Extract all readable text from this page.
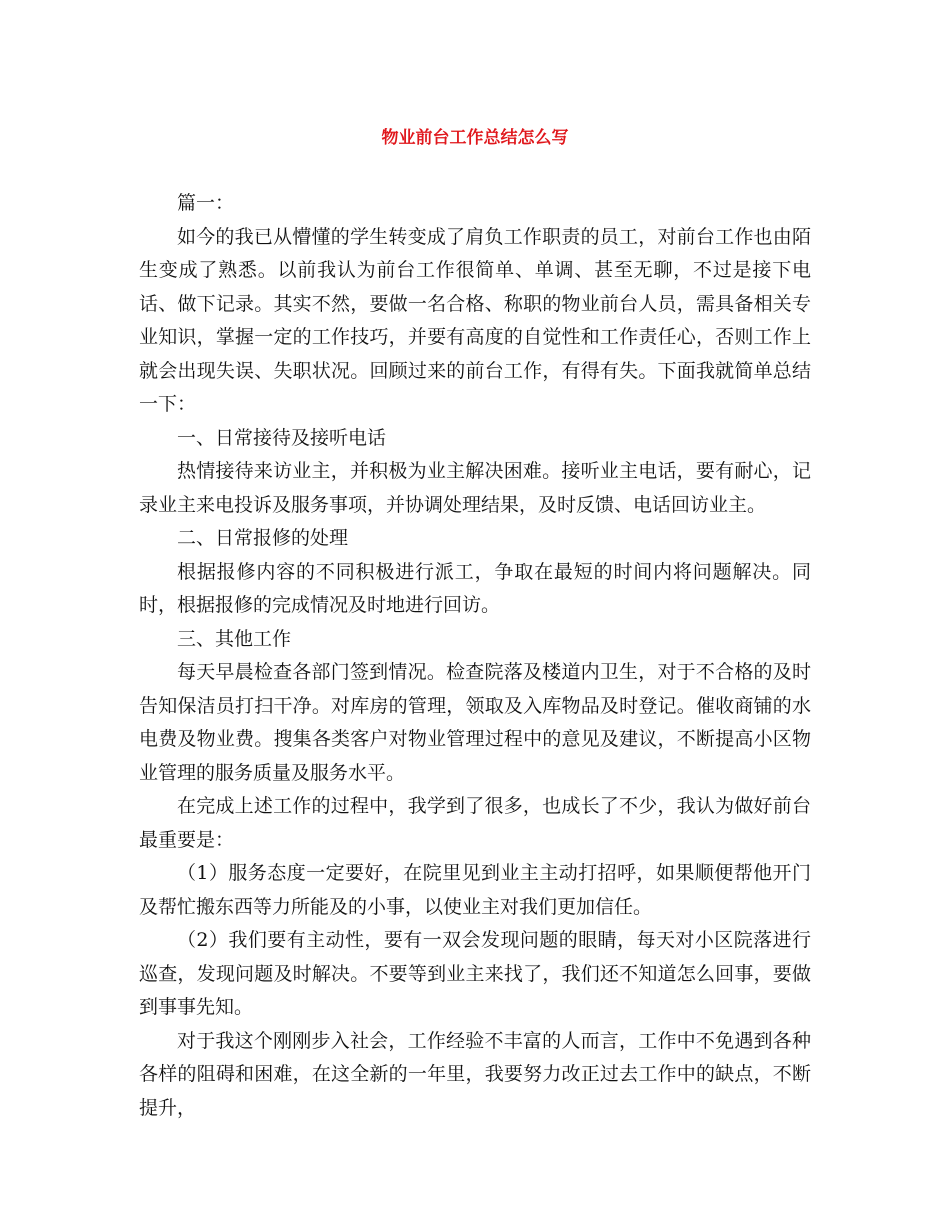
物业前台工作总结怎么写

篇一：

如今的我已从懵懂的学生转变成了肩负工作职责的员工，对前台工作也由陌生变成了熟悉。以前我认为前台工作很简单、单调、甚至无聊，不过是接下电话、做下记录。其实不然，要做一名合格、称职的物业前台人员，需具备相关专业知识，掌握一定的工作技巧，并要有高度的自觉性和工作责任心，否则工作上就会出现失误、失职状况。回顾过来的前台工作，有得有失。下面我就简单总结一下：

一、日常接待及接听电话

热情接待来访业主，并积极为业主解决困难。接听业主电话，要有耐心，记录业主来电投诉及服务事项，并协调处理结果，及时反馈、电话回访业主。

二、日常报修的处理

根据报修内容的不同积极进行派工，争取在最短的时间内将问题解决。同时，根据报修的完成情况及时地进行回访。

三、其他工作

每天早晨检查各部门签到情况。检查院落及楼道内卫生，对于不合格的及时告知保洁员打扫干净。对库房的管理，领取及入库物品及时登记。催收商铺的水电费及物业费。搜集各类客户对物业管理过程中的意见及建议，不断提高小区物业管理的服务质量及服务水平。

在完成上述工作的过程中，我学到了很多，也成长了不少，我认为做好前台最重要是：

（1）服务态度一定要好，在院里见到业主主动打招呼，如果顺便帮他开门及帮忙搬东西等力所能及的小事，以使业主对我们更加信任。

（2）我们要有主动性，要有一双会发现问题的眼睛，每天对小区院落进行巡查，发现问题及时解决。不要等到业主来找了，我们还不知道怎么回事，要做到事事先知。

对于我这个刚刚步入社会，工作经验不丰富的人而言，工作中不免遇到各种各样的阻碍和困难，在这全新的一年里，我要努力改正过去工作中的缺点，不断提升，
